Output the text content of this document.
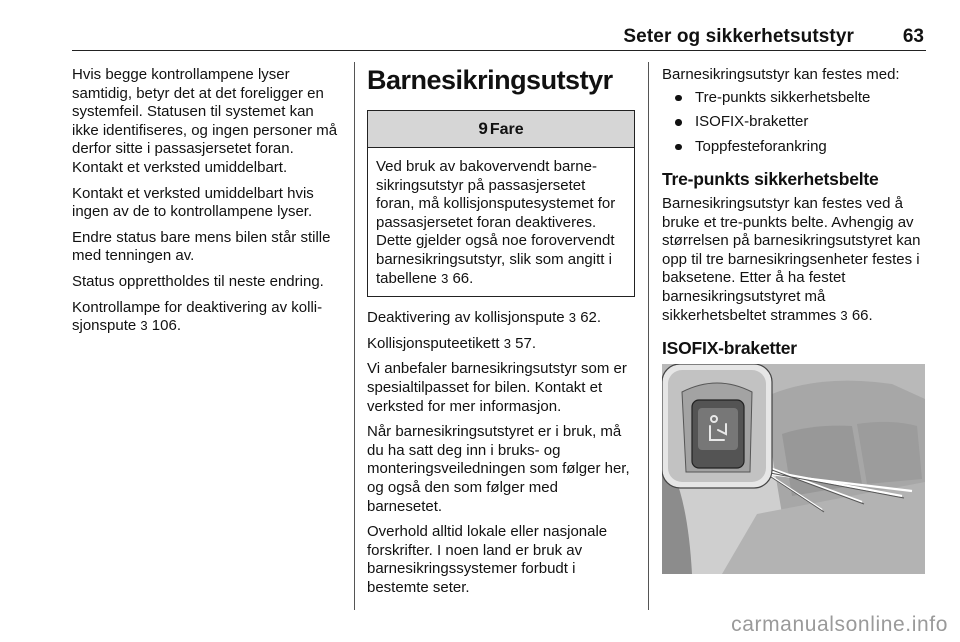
Seter og sikkerhetsutstyr	63

Hvis begge kontrollampene lyser samtidig, betyr det at det foreligger en systemfeil. Statusen til systemet kan ikke identifiseres, og ingen personer må derfor sitte i passasjersetet foran. Kontakt et verksted umiddelbart.

Kontakt et verksted umiddelbart hvis ingen av de to kontrollampene lyser.

Endre status bare mens bilen står stille med tenningen av.

Status opprettholdes til neste endring.

Kontrollampe for deaktivering av kollisjonspute 3 106.

Barnesikringsutstyr
9 Fare
Ved bruk av bakovervendt barnesikringsutstyr på passasjersetet foran, må kollisjonsputesystemet for passasjersetet foran deaktiveres. Dette gjelder også noe forovervendt barnesikringsutstyr, slik som angitt i tabellene 3 66.

Deaktivering av kollisjonspute 3 62.

Kollisjonsputeetikett 3 57.

Vi anbefaler barnesikringsutstyr som er spesialtilpasset for bilen. Kontakt et verksted for mer informasjon.

Når barnesikringsutstyret er i bruk, må du ha satt deg inn i bruks- og monteringsveiledningen som følger her, og også den som følger med barnesetet.

Overhold alltid lokale eller nasjonale forskrifter. I noen land er bruk av barnesikringssystemer forbudt i bestemte seter.

Barnesikringsutstyr kan festes med:

Tre-punkts sikkerhetsbelte
ISOFIX-braketter
Toppfesteforankring
Tre-punkts sikkerhetsbelte

Barnesikringsutstyr kan festes ved å bruke et tre-punkts belte. Avhengig av størrelsen på barnesikringsutstyret kan opp til tre barnesikringsenheter festes i baksetene. Etter å ha festet barnesikringsutstyret må sikkerhetsbeltet strammes 3 66.

ISOFIX-braketter
carmanualsonline.info
